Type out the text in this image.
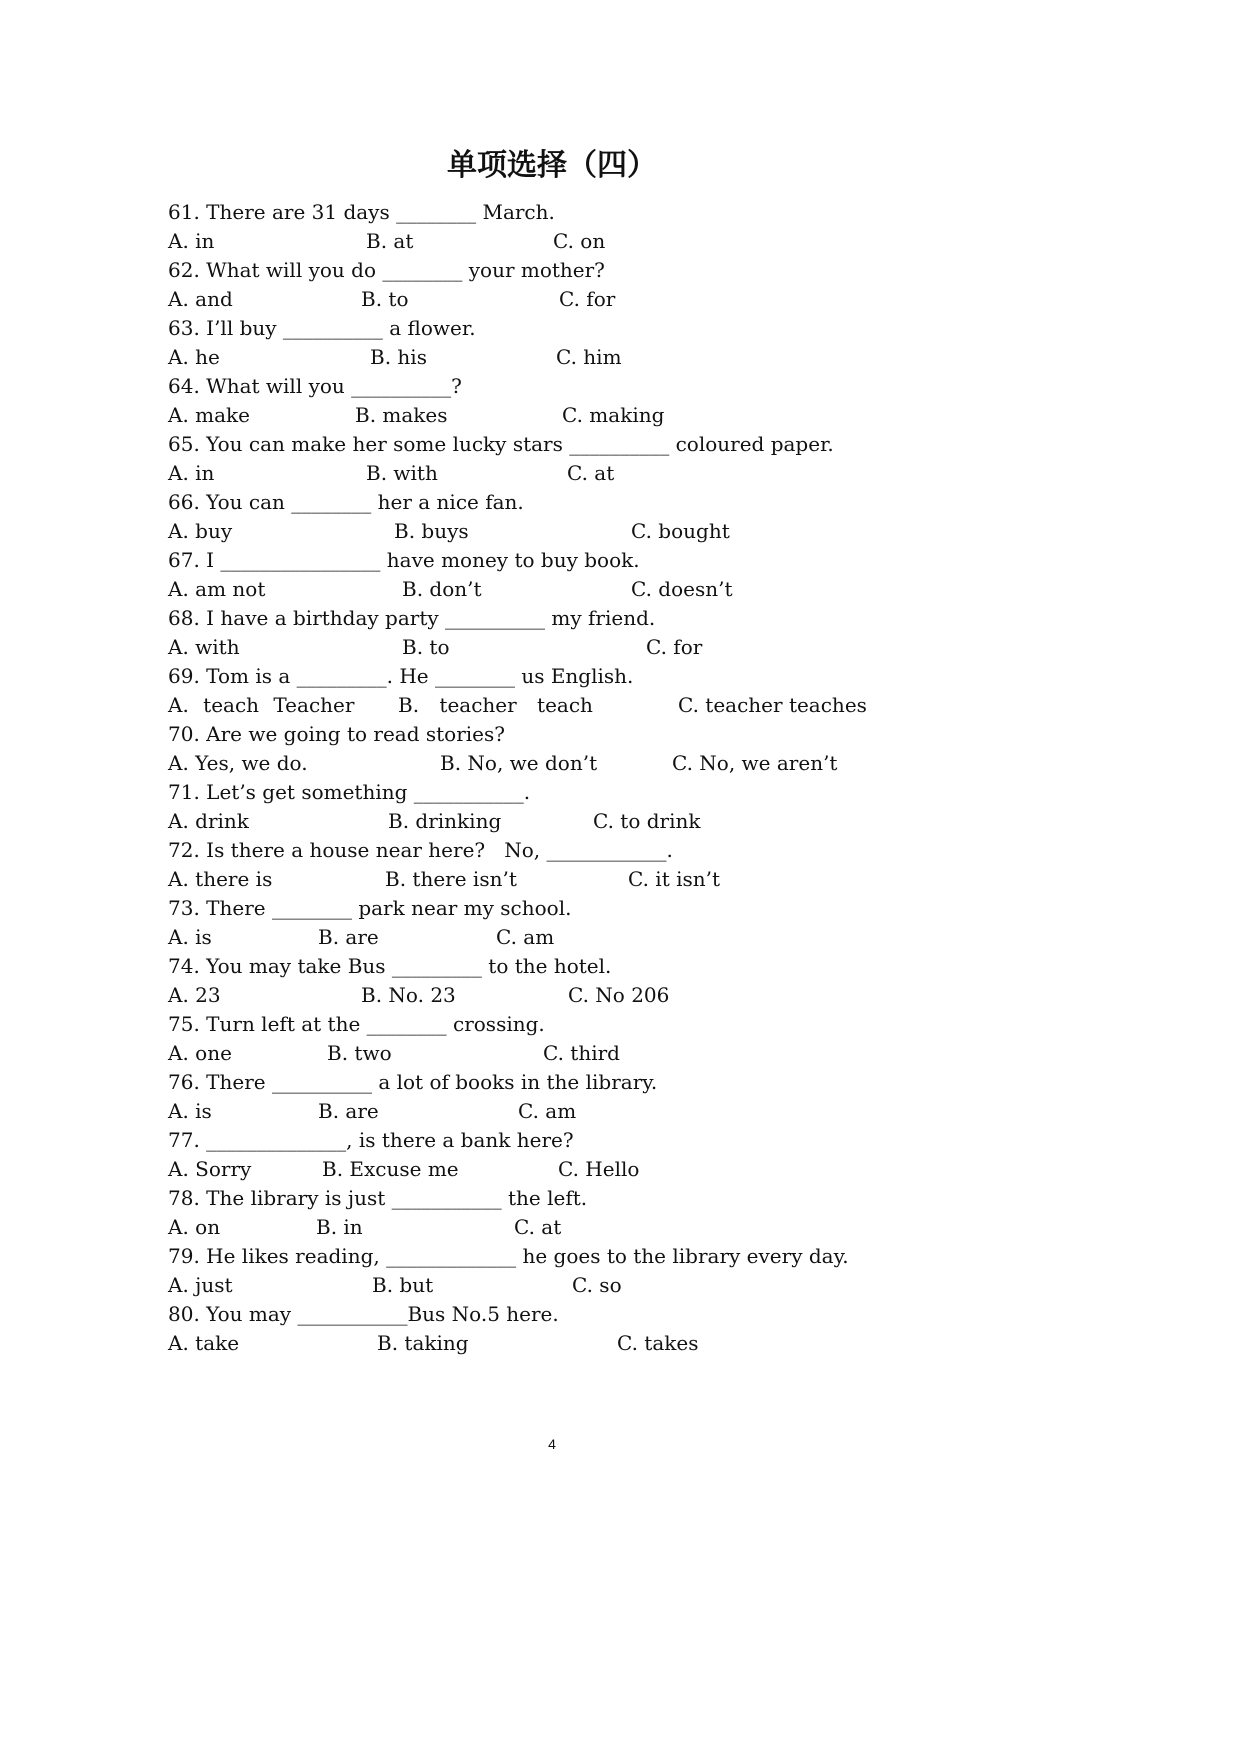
单项选择（四）
61. There are 31 days ________ March.
A. in	B. at	C. on
62. What will you do ________ your mother?
A. and	B. to	C. for
63. I’ll buy __________ a flower.
A. he	B. his	C. him
64. What will you __________?
A. make	B. makes	C. making
65. You can make her some lucky stars __________ coloured paper.
A. in	B. with	C. at
66. You can ________ her a nice fan.
A. buy	B. buys	C. bought
67. I ________________ have money to buy book.
A. am not	B. don’t	C. doesn’t
68. I have a birthday party __________ my friend.
A. with	B. to	C. for
69. Tom is a _________. He ________ us English.
A. teach Teacher B. teacher teach	C. teacher teaches
70. Are we going to read stories?
A. Yes, we do.	B. No, we don’t	C. No, we aren’t
71. Let’s get something ___________.
A. drink	B. drinking	C. to drink
72. Is there a house near here?   No, ____________.
A. there is	B. there isn’t	C. it isn’t
73. There ________ park near my school.
A. is	B. are	C. am
74. You may take Bus _________ to the hotel.
A. 23	B. No. 23	C. No 206
75. Turn left at the ________ crossing.
A. one	B. two	C. third
76. There __________ a lot of books in the library.
A. is	B. are	C. am
77. ______________, is there a bank here?
A. Sorry	B. Excuse me	C. Hello
78. The library is just ___________ the left.
A. on	B. in	C. at
79. He likes reading, _____________ he goes to the library every day.
A. just	B. but	C. so
80. You may ___________Bus No.5 here.
A. take	B. taking	C. takes
4
